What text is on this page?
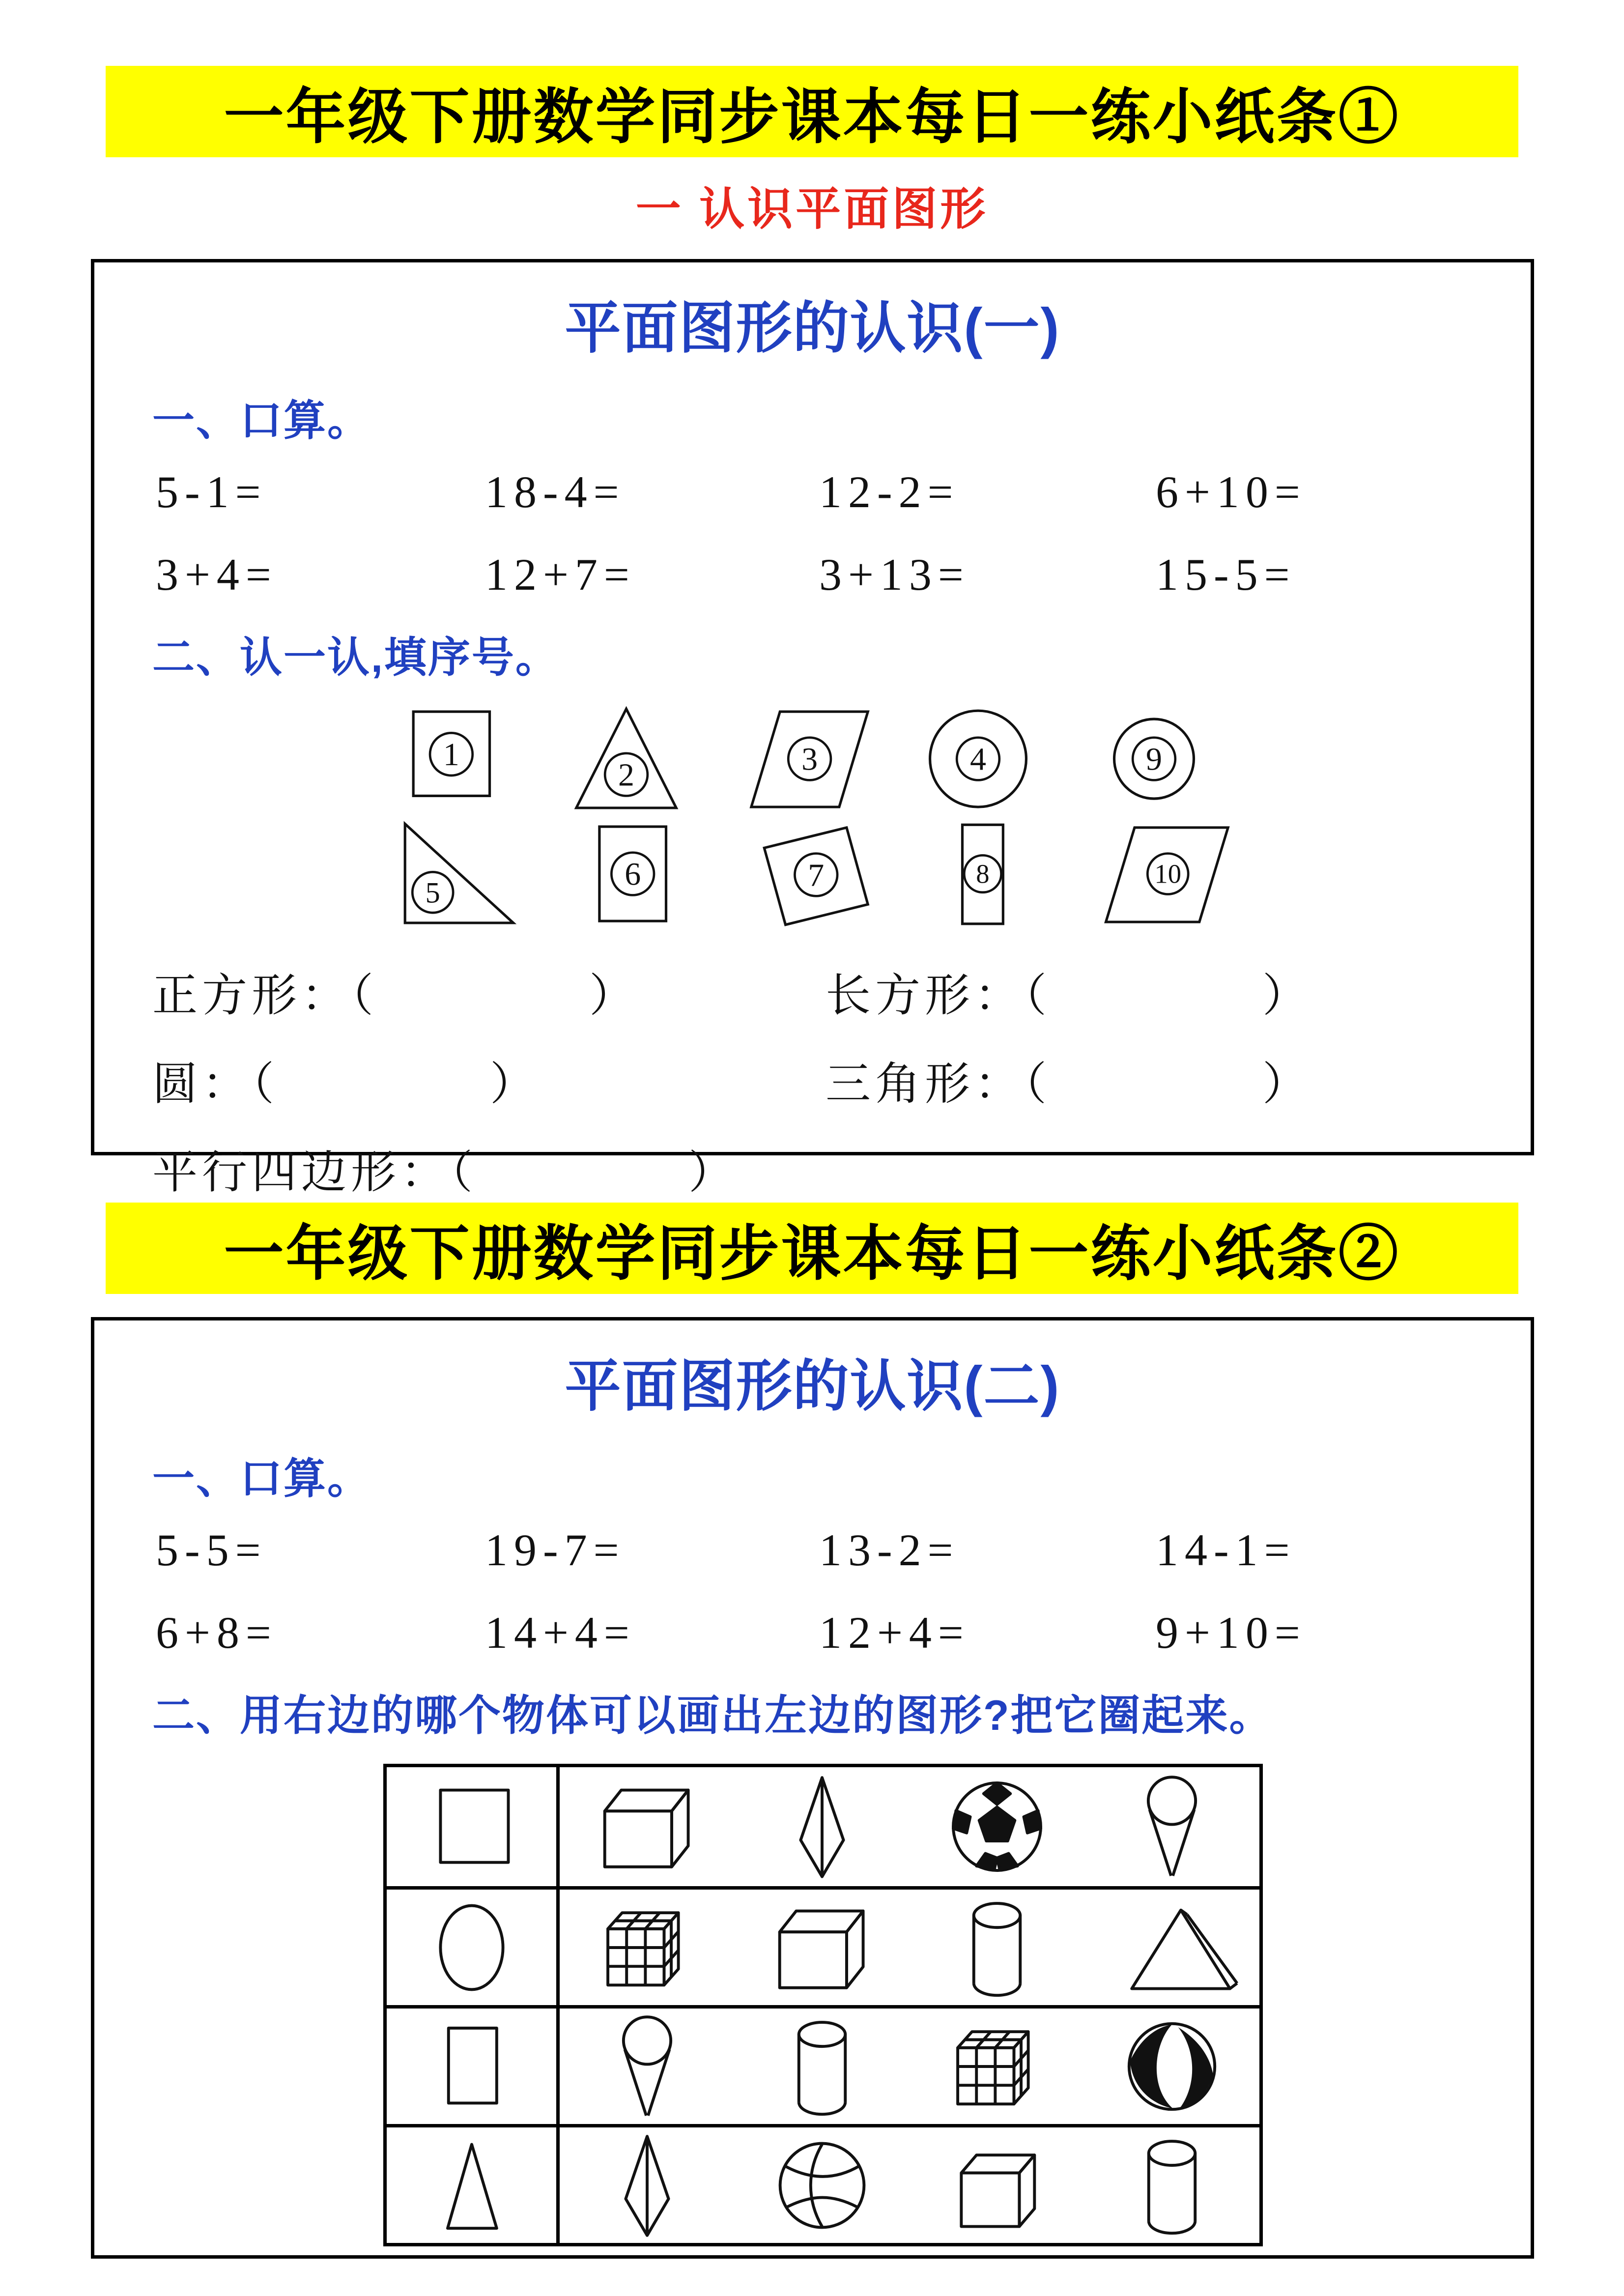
一年级下册数学同步课本每日一练小纸条①
一 认识平面图形
平面图形的认识(一)
一、口算。
5-1=	18-4=	12-2=	6+10=
3+4=	12+7=	3+13=	15-5=
二、认一认,填序号。
1
2	3	4	9
5
6	7	8	10
正方形：（	）	长方形：（	）
圆：（	）	三角形：（	）
平行四边形：（	）
一年级下册数学同步课本每日一练小纸条②
平面图形的认识(二)
一、口算。
5-5=	19-7=	13-2=	14-1=
6+8=	14+4=	12+4=	9+10=
二、用右边的哪个物体可以画出左边的图形?把它圈起来。
